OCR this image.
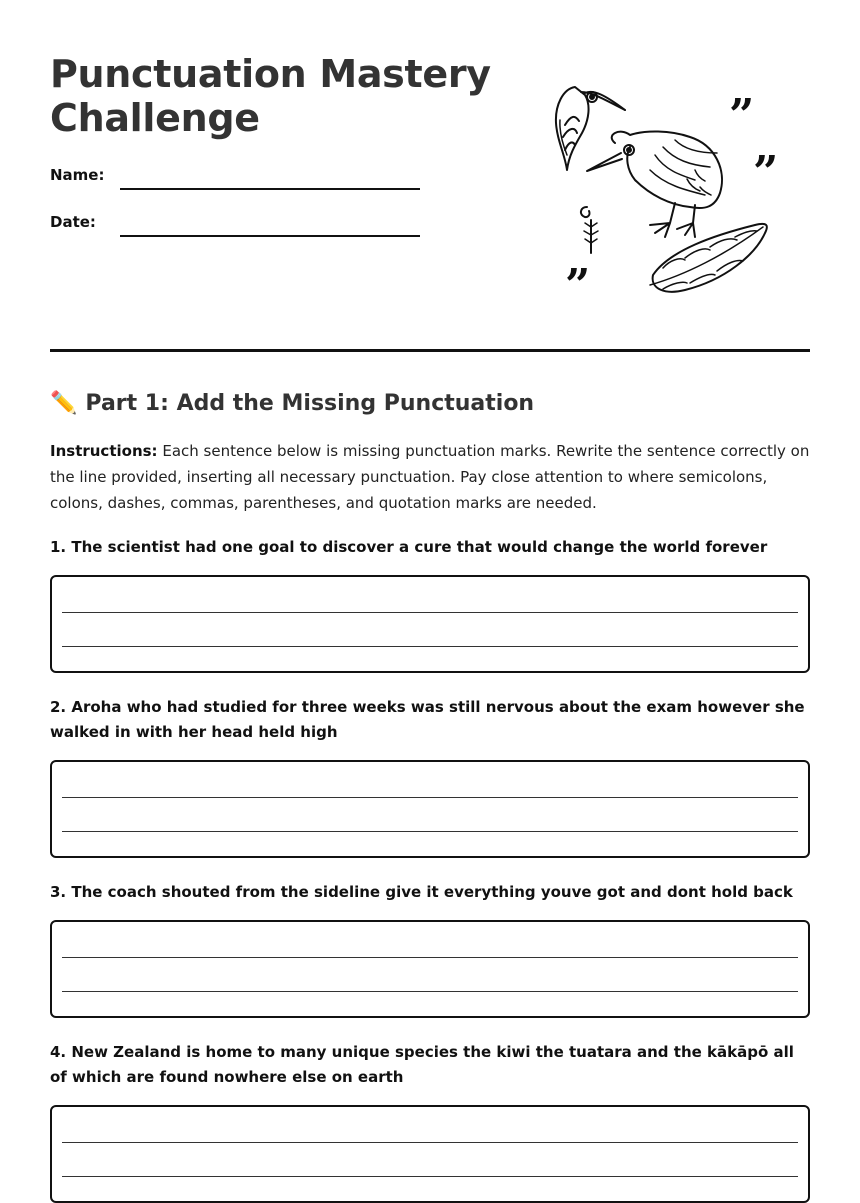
Punctuation Mastery
Challenge
Name:
Date:
”
”
”
✏️ Part 1: Add the Missing Punctuation

Instructions: Each sentence below is missing punctuation marks. Rewrite the sentence correctly on the line provided, inserting all necessary punctuation. Pay close attention to where semicolons, colons, dashes, commas, parentheses, and quotation marks are needed.

1. The scientist had one goal to discover a cure that would change the world forever

2. Aroha who had studied for three weeks was still nervous about the exam however she walked in with her head held high

3. The coach shouted from the sideline give it everything youve got and dont hold back

4. New Zealand is home to many unique species the kiwi the tuatara and the kākāpō all of which are found nowhere else on earth
